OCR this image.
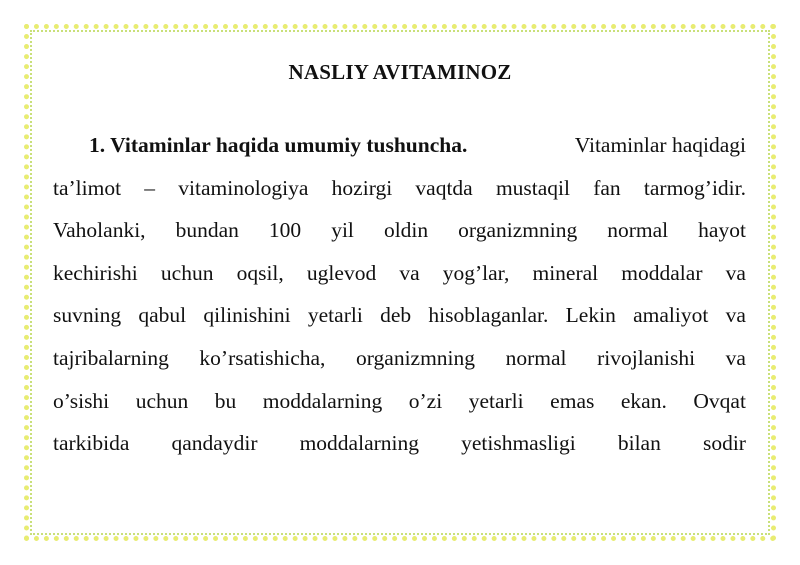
NASLIY AVITAMINOZ
1. Vitaminlar haqida umumiy tushuncha.	Vitaminlar haqidagi
ta’limot – vitaminologiya hozirgi vaqtda mustaqil fan tarmog’idir.
Vaholanki, bundan 100 yil oldin organizmning normal hayot
kechirishi uchun oqsil, uglevod va yog’lar, mineral moddalar va
suvning qabul qilinishini yetarli deb hisoblaganlar. Lekin amaliyot va
tajribalarning ko’rsatishicha, organizmning normal rivojlanishi va
o’sishi uchun bu moddalarning o’zi yetarli emas ekan. Ovqat
tarkibida qandaydir moddalarning yetishmasligi bilan sodir
